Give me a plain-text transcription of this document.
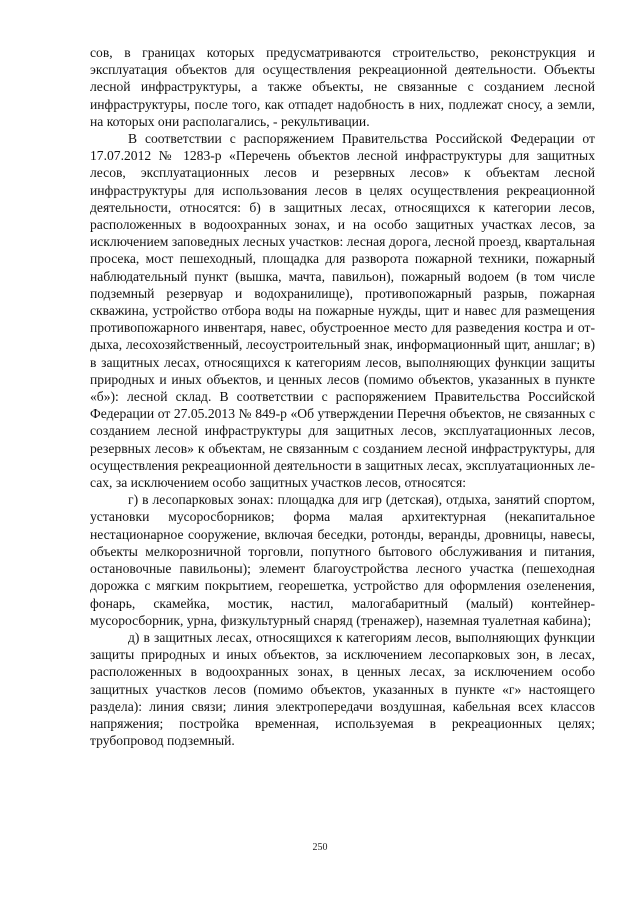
сов, в границах которых предусматриваются строительство, реконструкция и эксплуатация объектов для осуществления рекреационной деятельности. Объекты лесной инфраструктуры, а также объекты, не связанные с созданием лесной инфраструктуры, после того, как отпадет надобность в них, подлежат сносу, а земли, на которых они располагались, - рекультивации.

В соответствии с распоряжением Правительства Российской Федерации от 17.07.2012 № 1283-р «Перечень объектов лесной инфраструктуры для защитных лесов, эксплуатационных лесов и резервных лесов» к объектам лесной инфраструктуры для использования лесов в целях осуществления рекреационной деятельности, относятся: б) в защитных лесах, относящихся к категории лесов, расположенных в водоохранных зонах, и на особо защитных участках лесов, за исключением заповедных лесных участков: лесная дорога, лесной проезд, квартальная просека, мост пешеходный, площадка для разворота пожарной техники, пожарный наблюдательный пункт (вышка, мачта, павильон), пожарный водоем (в том числе подземный резервуар и водохранилище), противопожарный разрыв, пожарная скважина, устройство отбора воды на пожарные нужды, щит и навес для размещения противопожарного инвентаря, навес, обустроенное место для разведения костра и отдыха, лесохозяйственный, лесоустроительный знак, информационный щит, аншлаг; в) в защитных лесах, относящихся к категориям лесов, выполняющих функции защиты природных и иных объектов, и ценных лесов (помимо объектов, указанных в пункте «б»): лесной склад. В соответствии с распоряжением Правительства Российской Федерации от 27.05.2013 № 849-р «Об утверждении Перечня объектов, не связанных с созданием лесной инфраструктуры для защитных лесов, эксплуатационных лесов, резервных лесов» к объектам, не связанным с созданием лесной инфраструктуры, для осуществления рекреационной деятельности в защитных лесах, эксплуатационных лесах, за исключением особо защитных участков лесов, относятся:

г) в лесопарковых зонах: площадка для игр (детская), отдыха, занятий спортом, установки мусоросборников; форма малая архитектурная (некапитальное нестационарное сооружение, включая беседки, ротонды, веранды, дровницы, навесы, объекты мелкорозничной торговли, попутного бытового обслуживания и питания, остановочные павильоны); элемент благоустройства лесного участка (пешеходная дорожка с мягким покрытием, георешетка, устройство для оформления озеленения, фонарь, скамейка, мостик, настил, малогабаритный (малый) контейнер-мусоросборник, урна, физкультурный снаряд (тренажер), наземная туалетная кабина);

д) в защитных лесах, относящихся к категориям лесов, выполняющих функции защиты природных и иных объектов, за исключением лесопарковых зон, в лесах, расположенных в водоохранных зонах, в ценных лесах, за исключением особо защитных участков лесов (помимо объектов, указанных в пункте «г» настоящего раздела): линия связи; линия электропередачи воздушная, кабельная всех классов напряжения; постройка временная, используемая в рекреационных целях; трубопровод подземный.

250
